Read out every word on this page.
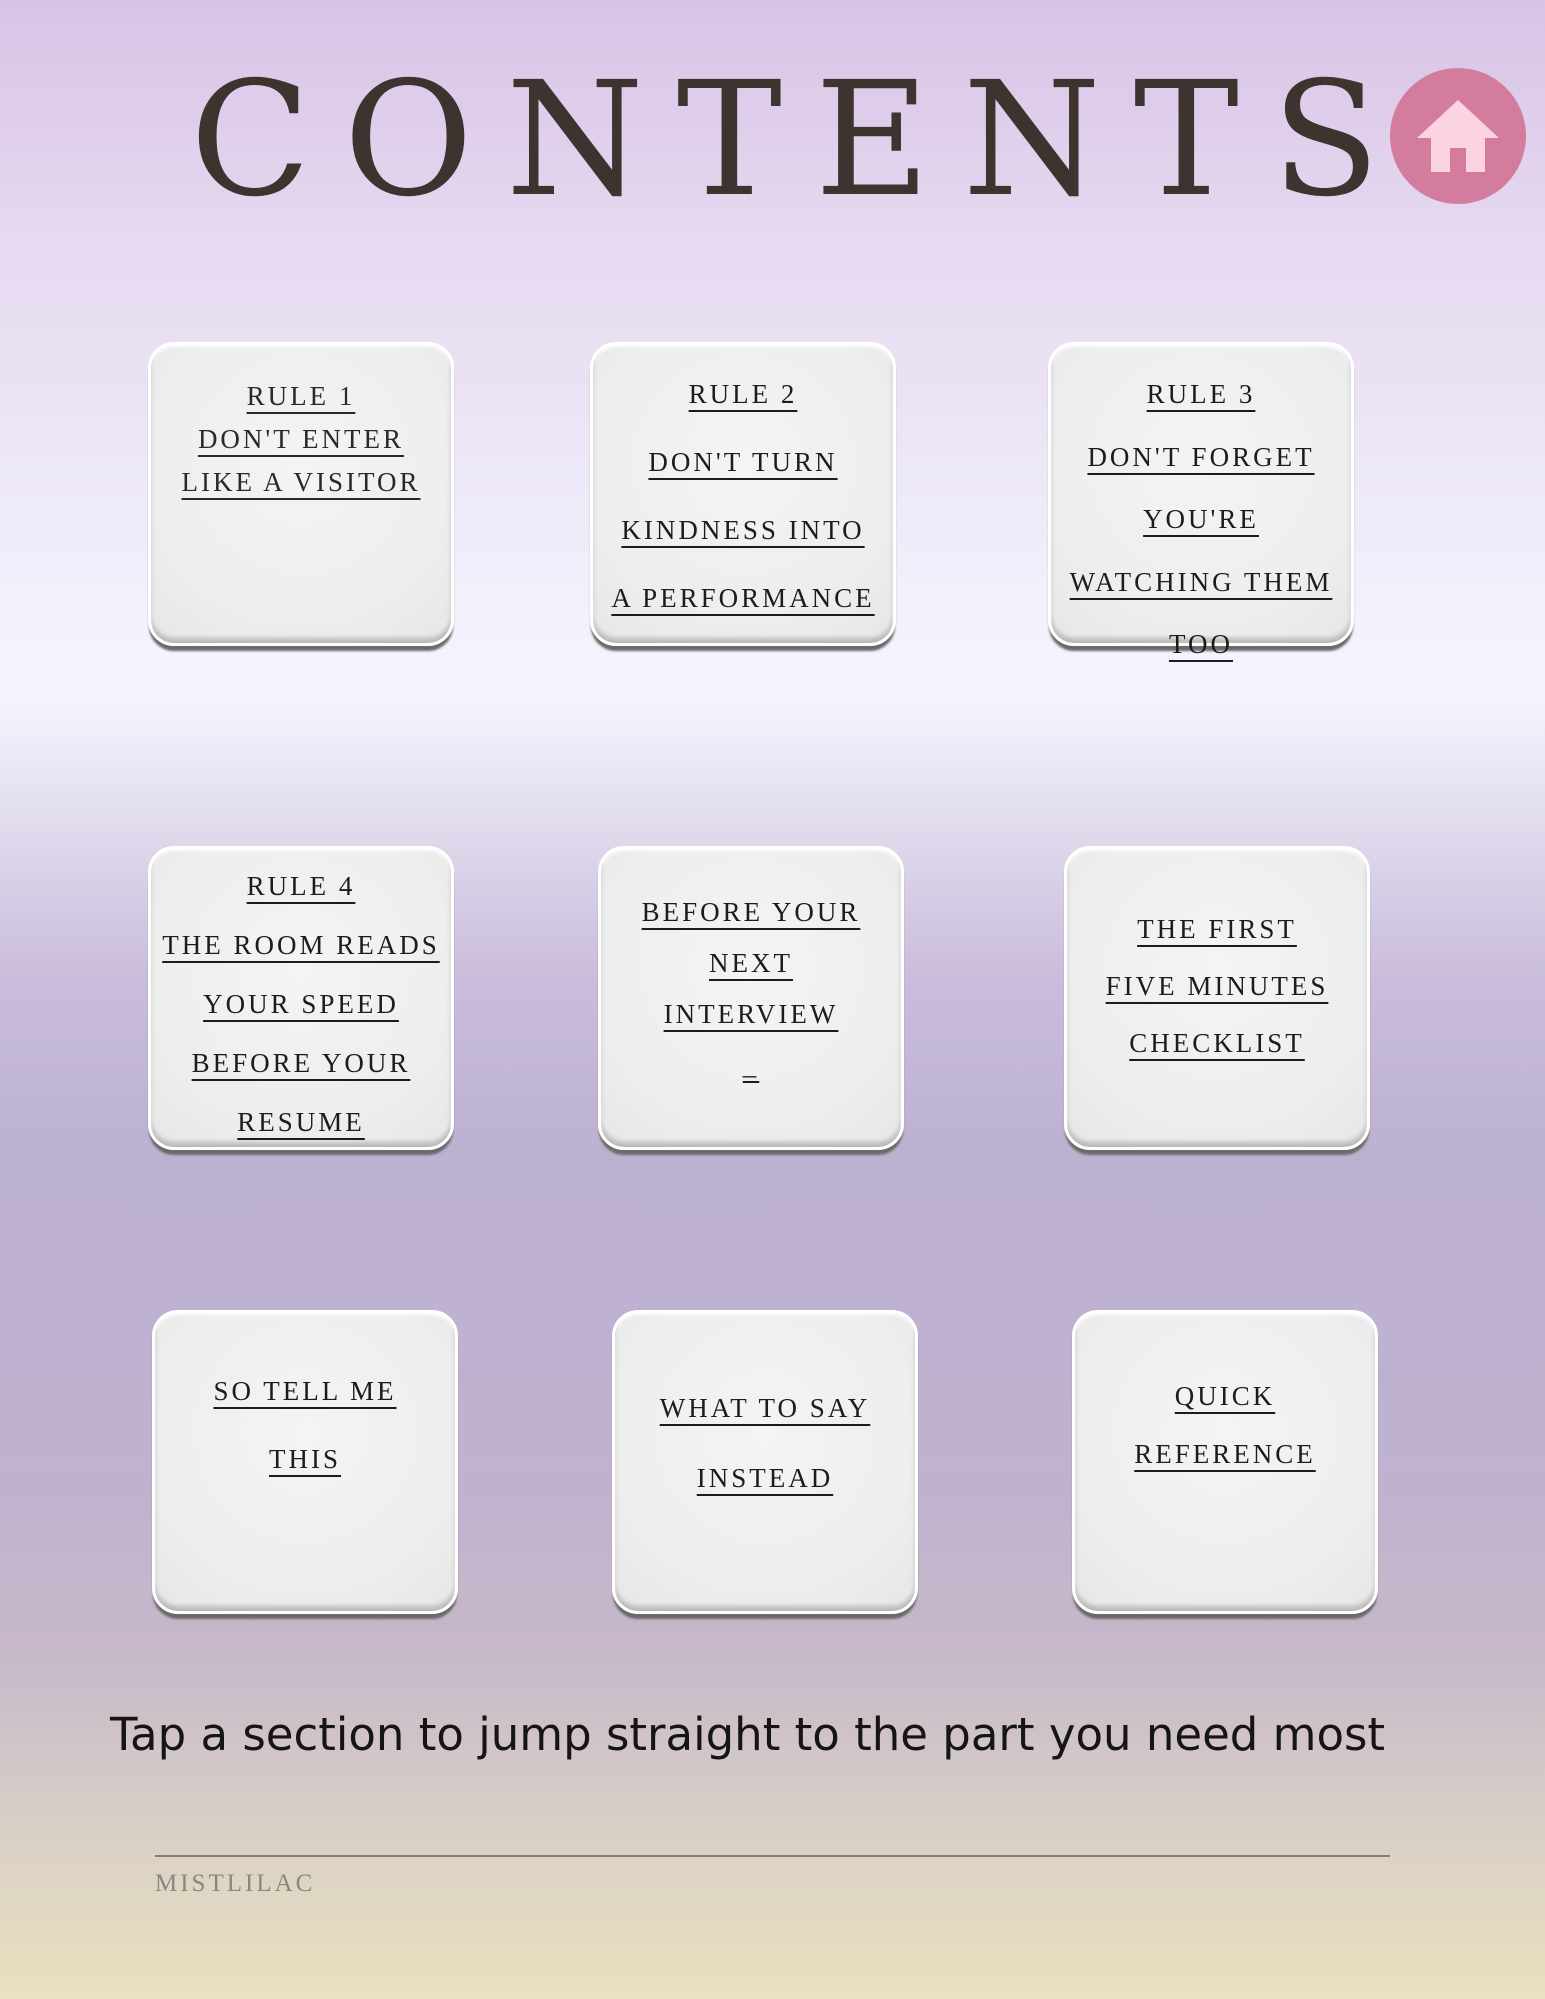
C O N T E N T S
RULE 1
DON'T ENTER
LIKE A VISITOR
RULE 2
DON'T TURN
KINDNESS INTO
A PERFORMANCE
RULE 3
DON'T FORGET
YOU'RE
WATCHING THEM
TOO
RULE 4
THE ROOM READS
YOUR SPEED
BEFORE YOUR
RESUME
BEFORE YOUR
NEXT
INTERVIEW
_
THE FIRST
FIVE MINUTES
CHECKLIST
SO TELL ME
THIS
WHAT TO SAY
INSTEAD
QUICK
REFERENCE
Tap a section to jump straight to the part you need most
MISTLILAC
